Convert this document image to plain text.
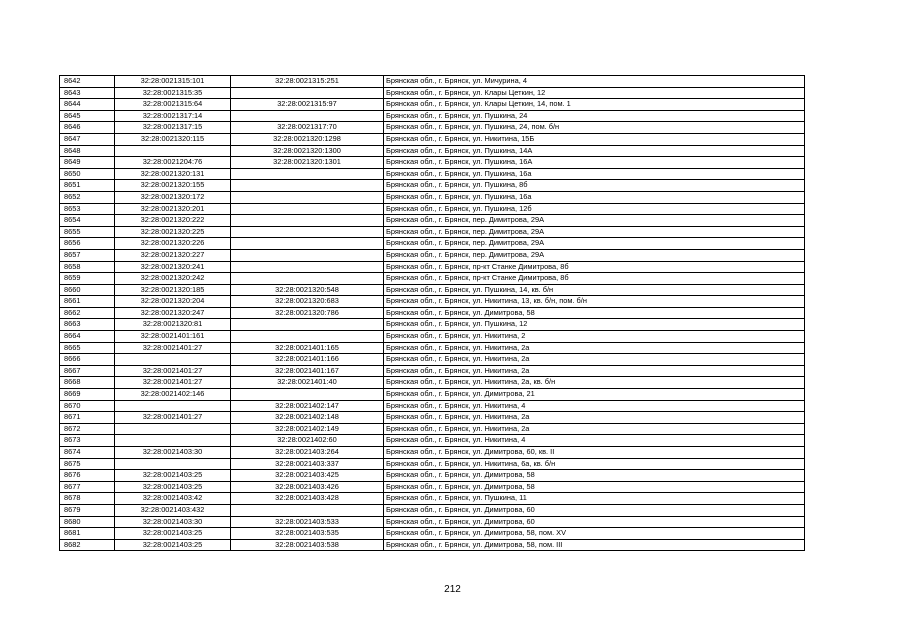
8642	32:28:0021315:101	32:28:0021315:251	Брянская обл., г. Брянск, ул. Мичурина, 4
8643	32:28:0021315:35		Брянская обл., г. Брянск, ул. Клары Цеткин, 12
8644	32:28:0021315:64	32:28:0021315:97	Брянская обл., г. Брянск, ул. Клары Цеткин, 14, пом. 1
8645	32:28:0021317:14		Брянская обл., г. Брянск, ул. Пушкина, 24
8646	32:28:0021317:15	32:28:0021317:70	Брянская обл., г. Брянск, ул. Пушкина, 24, пом. б/н
8647	32:28:0021320:115	32:28:0021320:1298	Брянская обл., г. Брянск, ул. Никитина, 15Б
8648		32:28:0021320:1300	Брянская обл., г. Брянск, ул. Пушкина, 14А
8649	32:28:0021204:76	32:28:0021320:1301	Брянская обл., г. Брянск, ул. Пушкина, 16А
8650	32:28:0021320:131		Брянская обл., г. Брянск, ул. Пушкина, 16а
8651	32:28:0021320:155		Брянская обл., г. Брянск, ул. Пушкина, 8б
8652	32:28:0021320:172		Брянская обл., г. Брянск, ул. Пушкина, 16а
8653	32:28:0021320:201		Брянская обл., г. Брянск, ул. Пушкина, 12б
8654	32:28:0021320:222		Брянская обл., г. Брянск, пер. Димитрова, 29А
8655	32:28:0021320:225		Брянская обл., г. Брянск, пер. Димитрова, 29А
8656	32:28:0021320:226		Брянская обл., г. Брянск, пер. Димитрова, 29А
8657	32:28:0021320:227		Брянская обл., г. Брянск, пер. Димитрова, 29А
8658	32:28:0021320:241		Брянская обл., г. Брянск, пр-кт Станке Димитрова, 8б
8659	32:28:0021320:242		Брянская обл., г. Брянск, пр-кт Станке Димитрова, 8б
8660	32:28:0021320:185	32:28:0021320:548	Брянская обл., г. Брянск, ул. Пушкина, 14, кв. б/н
8661	32:28:0021320:204	32:28:0021320:683	Брянская обл., г. Брянск, ул. Никитина, 13, кв. б/н, пом. б/н
8662	32:28:0021320:247	32:28:0021320:786	Брянская обл., г. Брянск, ул. Димитрова, 58
8663	32:28:0021320:81		Брянская обл., г. Брянск, ул. Пушкина, 12
8664	32:28:0021401:161		Брянская обл., г. Брянск, ул. Никитина, 2
8665	32:28:0021401:27	32:28:0021401:165	Брянская обл., г. Брянск, ул. Никитина, 2а
8666		32:28:0021401:166	Брянская обл., г. Брянск, ул. Никитина, 2а
8667	32:28:0021401:27	32:28:0021401:167	Брянская обл., г. Брянск, ул. Никитина, 2а
8668	32:28:0021401:27	32:28:0021401:40	Брянская обл., г. Брянск, ул. Никитина, 2а, кв. б/н
8669	32:28:0021402:146		Брянская обл., г. Брянск, ул. Димитрова, 21
8670		32:28:0021402:147	Брянская обл., г. Брянск, ул. Никитина, 4
8671	32:28:0021401:27	32:28:0021402:148	Брянская обл., г. Брянск, ул. Никитина, 2а
8672		32:28:0021402:149	Брянская обл., г. Брянск, ул. Никитина, 2а
8673		32:28:0021402:60	Брянская обл., г. Брянск, ул. Никитина, 4
8674	32:28:0021403:30	32:28:0021403:264	Брянская обл., г. Брянск, ул. Димитрова, 60, кв. II
8675		32:28:0021403:337	Брянская обл., г. Брянск, ул. Никитина, 6а, кв. б/н
8676	32:28:0021403:25	32:28:0021403:425	Брянская обл., г. Брянск, ул. Димитрова, 58
8677	32:28:0021403:25	32:28:0021403:426	Брянская обл., г. Брянск, ул. Димитрова, 58
8678	32:28:0021403:42	32:28:0021403:428	Брянская обл., г. Брянск, ул. Пушкина, 11
8679	32:28:0021403:432		Брянская обл., г. Брянск, ул. Димитрова, 60
8680	32:28:0021403:30	32:28:0021403:533	Брянская обл., г. Брянск, ул. Димитрова, 60
8681	32:28:0021403:25	32:28:0021403:535	Брянская обл., г. Брянск, ул. Димитрова, 58, пом. XV
8682	32:28:0021403:25	32:28:0021403:538	Брянская обл., г. Брянск, ул. Димитрова, 58, пом. III
212
